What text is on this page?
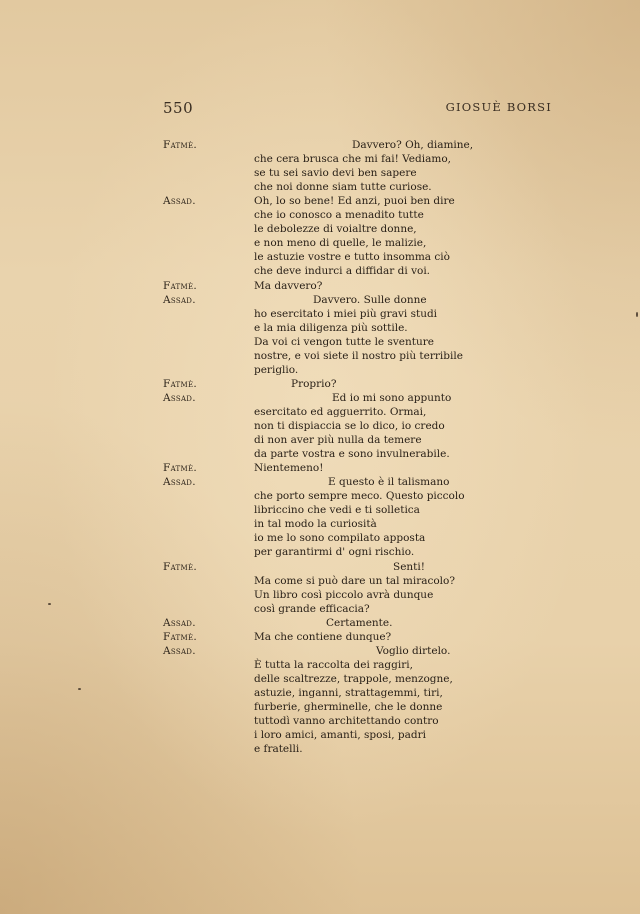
550	GIOSUÈ BORSI
Fatmè.	Davvero? Oh, diamine,
che cera brusca che mi fai! Vediamo,
se tu sei savio devi ben sapere
che noi donne siam tutte curiose.
Assad.	Oh, lo so bene! Ed anzi, puoi ben dire
che io conosco a menadito tutte
le debolezze di voialtre donne,
e non meno di quelle, le malizie,
le astuzie vostre e tutto insomma ciò
che deve indurci a diffidar di voi.
Fatmè.	Ma davvero?
Assad.	Davvero. Sulle donne
ho esercitato i miei più gravi studi
e la mia diligenza più sottile.
Da voi ci vengon tutte le sventure
nostre, e voi siete il nostro più terribile
periglio.
Fatmè.	Proprio?
Assad.	Ed io mi sono appunto
esercitato ed agguerrito. Ormai,
non ti dispiaccia se lo dico, io credo
di non aver più nulla da temere
da parte vostra e sono invulnerabile.
Fatmè.	Nientemeno!
Assad.	E questo è il talismano
che porto sempre meco. Questo piccolo
libriccino che vedi e ti solletica
in tal modo la curiosità
io me lo sono compilato apposta
per garantirmi d' ogni rischio.
Fatmè.	Senti!
Ma come si può dare un tal miracolo?
Un libro così piccolo avrà dunque
così grande efficacia?
Assad.	Certamente.
Fatmè.	Ma che contiene dunque?
Assad.	Voglio dirtelo.
È tutta la raccolta dei raggiri,
delle scaltrezze, trappole, menzogne,
astuzie, inganni, strattagemmi, tiri,
furberie, gherminelle, che le donne
tuttodì vanno architettando contro
i loro amici, amanti, sposi, padri
e fratelli.
